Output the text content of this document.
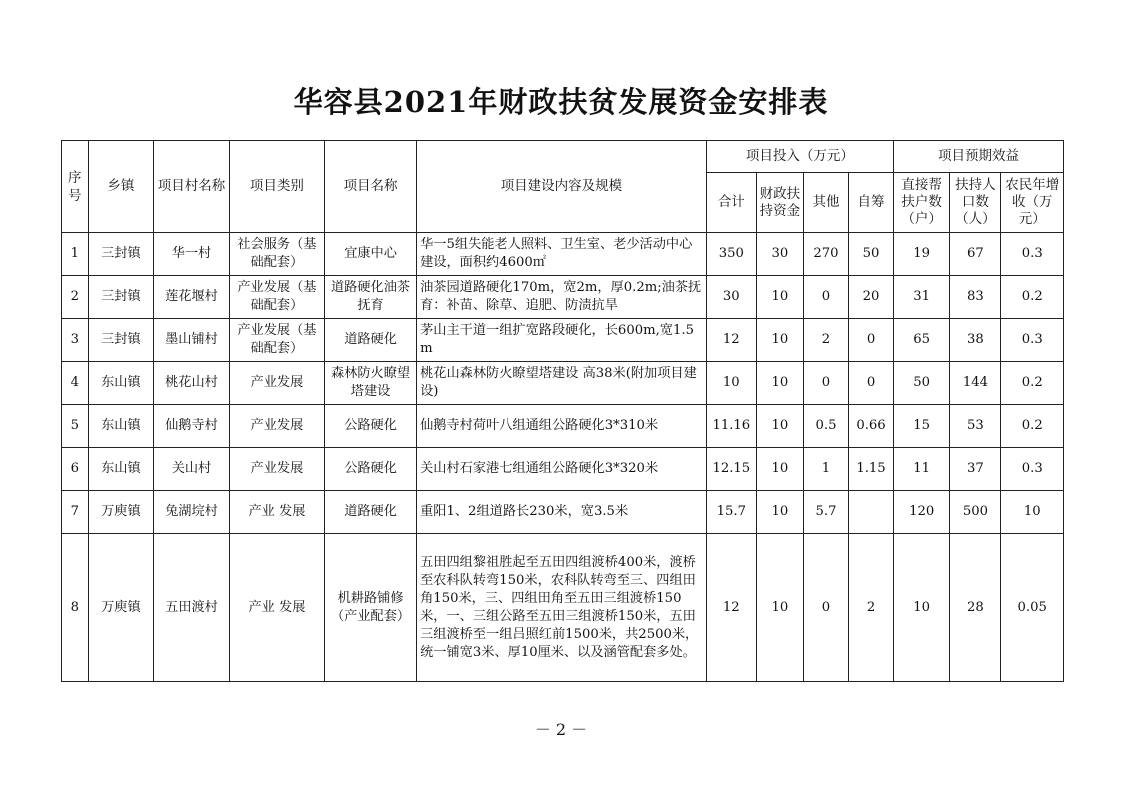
华容县2021年财政扶贫发展资金安排表
序号	乡镇	项目村名称	项目类别	项目名称	项目建设内容及规模	项目投入（万元）				项目预期效益		
						合计	财政扶持资金	其他	自筹	直接帮扶户数（户）	扶持人口数（人）	农民年增收（万元）
1	三封镇	华一村	社会服务（基础配套）	宜康中心	华一5组失能老人照料、卫生室、老少活动中心建设，面积约4600㎡	350	30	270	50	19	67	0.3
2	三封镇	莲花堰村	产业发展（基础配套）	道路硬化油茶抚育	油茶园道路硬化170m，宽2m，厚0.2m;油茶抚育：补苗、除草、追肥、防渍抗旱	30	10	0	20	31	83	0.2
3	三封镇	墨山铺村	产业发展（基础配套）	道路硬化	茅山主干道一组扩宽路段硬化，长600m,宽1.5m	12	10	2	0	65	38	0.3
4	东山镇	桃花山村	产业发展	森林防火瞭望塔建设	桃花山森林防火瞭望塔建设 高38米(附加项目建设)	10	10	0	0	50	144	0.2
5	东山镇	仙鹅寺村	产业发展	公路硬化	仙鹅寺村荷叶八组通组公路硬化3*310米	11.16	10	0.5	0.66	15	53	0.2
6	东山镇	关山村	产业发展	公路硬化	关山村石家港七组通组公路硬化3*320米	12.15	10	1	1.15	11	37	0.3
7	万庾镇	兔湖垸村	产业 发展	道路硬化	重阳1、2组道路长230米，宽3.5米	15.7	10	5.7		120	500	10
8	万庾镇	五田渡村	产业 发展	机耕路铺修（产业配套）	五田四组黎祖胜起至五田四组渡桥400米，渡桥至农科队转弯150米，农科队转弯至三、四组田角150米，三、四组田角至五田三组渡桥150米，一、三组公路至五田三组渡桥150米，五田三组渡桥至一组吕照红前1500米，共2500米，统一铺宽3米、厚10厘米、以及涵管配套多处。	12	10	0	2	10	28	0.05
－ 2 －
